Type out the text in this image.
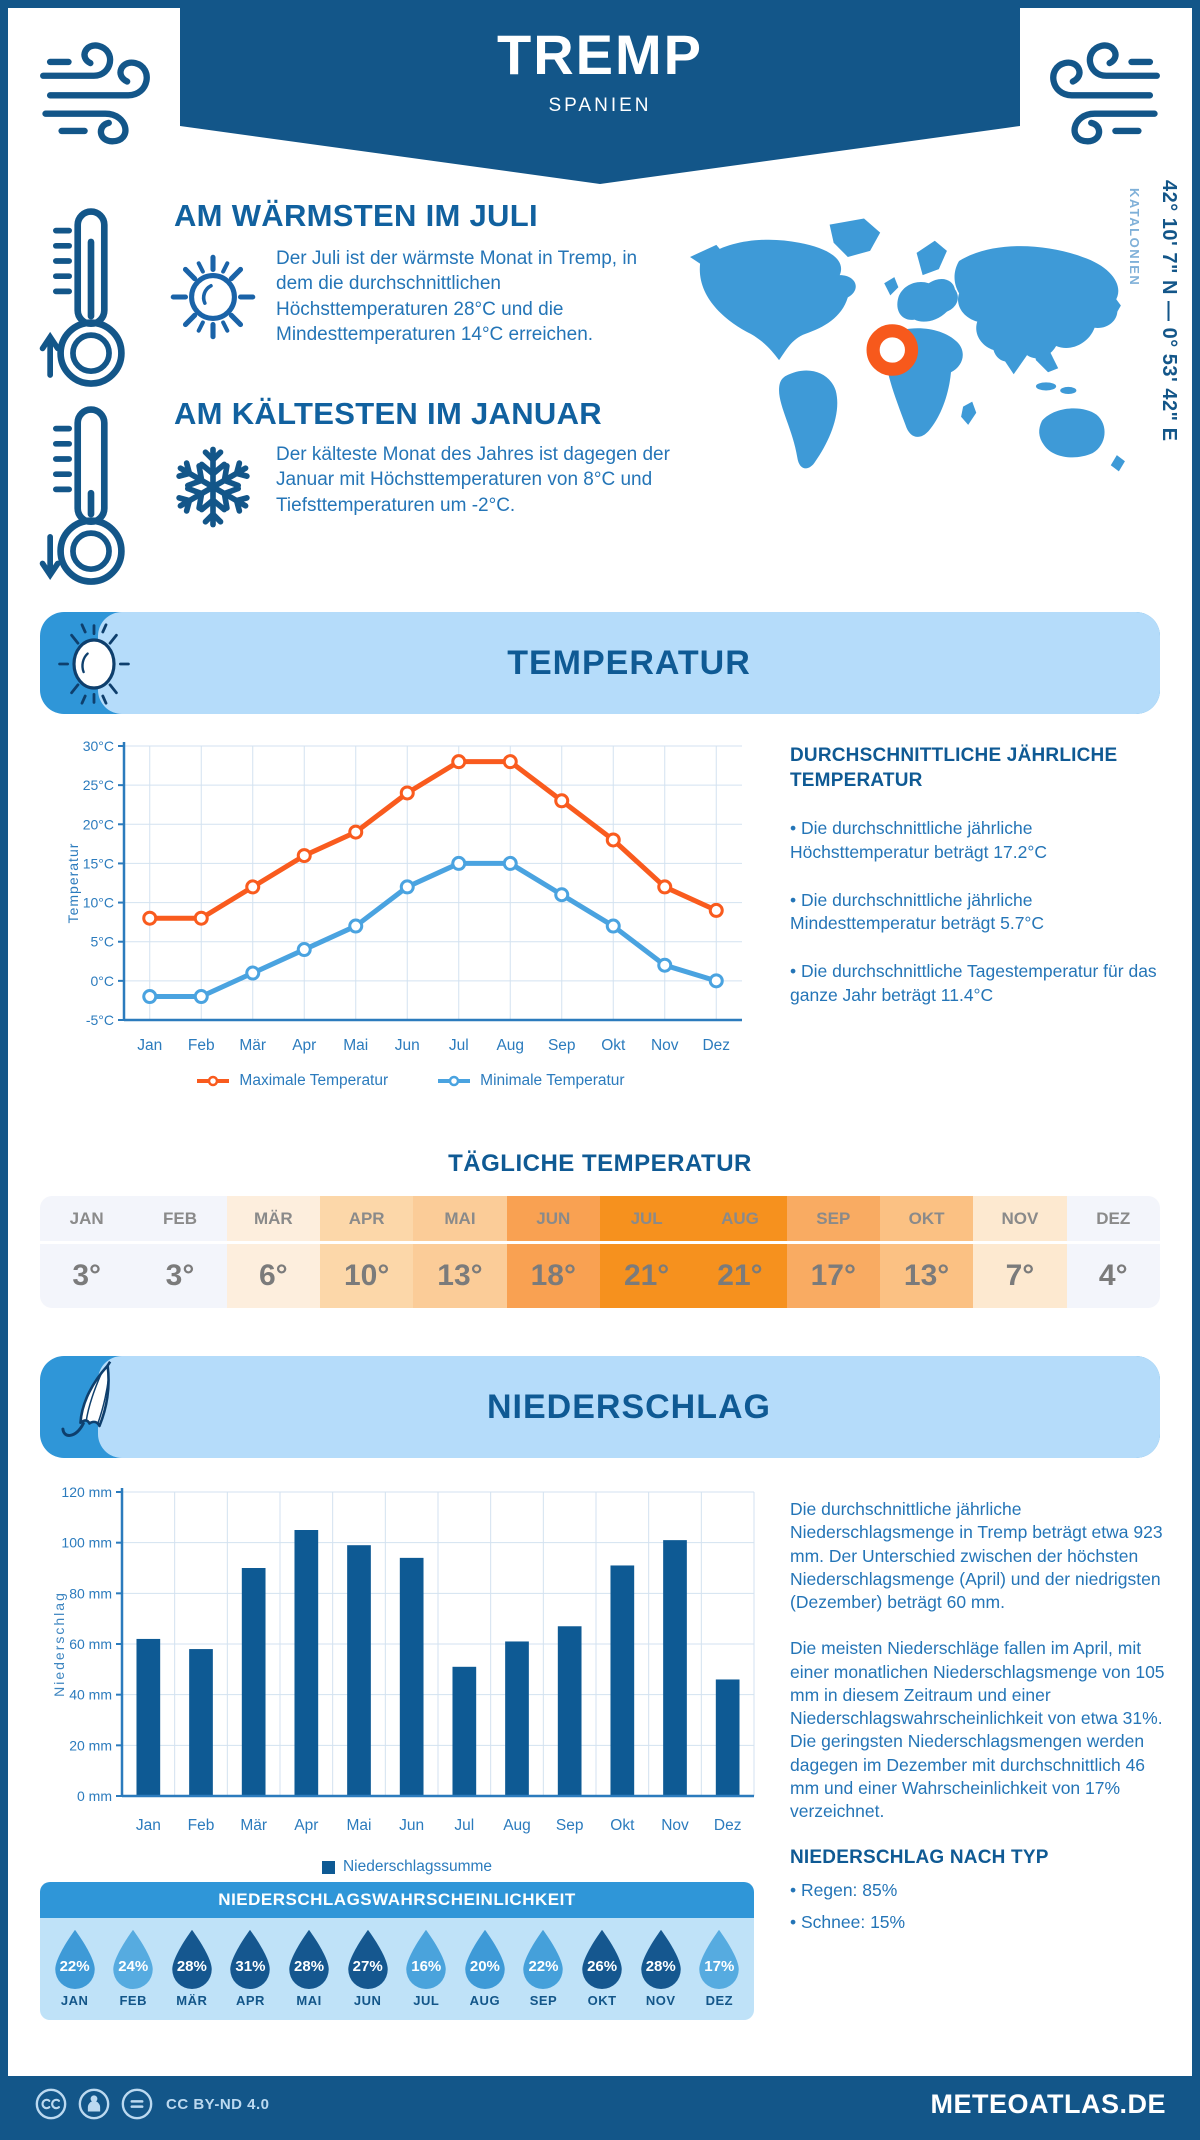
TREMP
SPANIEN
AM WÄRMSTEN IM JULI
Der Juli ist der wärmste Monat in Tremp, in dem die durchschnittlichen Höchsttemperaturen 28°C und die Mindesttemperaturen 14°C erreichen.
AM KÄLTESTEN IM JANUAR
Der kälteste Monat des Jahres ist dagegen der Januar mit Höchsttemperaturen von 8°C und Tiefsttemperaturen um -2°C.
42° 10' 7" N — 0° 53' 42" E
KATALONIEN
TEMPERATUR
-5°C
0°C
5°C
10°C
15°C
20°C
25°C
30°C
Jan Feb Mär Apr Mai Jun Jul Aug Sep Okt Nov Dez
Temperatur
Maximale Temperatur	Minimale Temperatur
DURCHSCHNITTLICHE JÄHRLICHE TEMPERATUR
• Die durchschnittliche jährliche Höchsttemperatur beträgt 17.2°C
• Die durchschnittliche jährliche Mindesttemperatur beträgt 5.7°C
• Die durchschnittliche Tagestemperatur für das ganze Jahr beträgt 11.4°C
TÄGLICHE TEMPERATUR
JAN
3°
FEB
3°
MÄR
6°
APR
10°
MAI
13°
JUN
18°
JUL
21°
AUG
21°
SEP
17°
OKT
13°
NOV
7°
DEZ
4°
NIEDERSCHLAG
0 mm
20 mm
40 mm
60 mm
80 mm
100 mm
120 mm
Jan Feb Mär Apr Mai Jun Jul Aug Sep Okt Nov Dez
Niederschlag
Niederschlagssumme
Die durchschnittliche jährliche Niederschlagsmenge in Tremp beträgt etwa 923 mm. Der Unterschied zwischen der höchsten Niederschlagsmenge (April) und der niedrigsten (Dezember) beträgt 60 mm.
Die meisten Niederschläge fallen im April, mit einer monatlichen Niederschlagsmenge von 105 mm in diesem Zeitraum und einer Niederschlagswahrscheinlichkeit von etwa 31%. Die geringsten Niederschlagsmengen werden dagegen im Dezember mit durchschnittlich 46 mm und einer Wahrscheinlichkeit von 17% verzeichnet.
NIEDERSCHLAG NACH TYP
• Regen: 85%
• Schnee: 15%
NIEDERSCHLAGSWAHRSCHEINLICHKEIT
22%
JAN
24%
FEB
28%
MÄR
31%
APR
28%
MAI
27%
JUN
16%
JUL
20%
AUG
22%
SEP
26%
OKT
28%
NOV
17%
DEZ
CC BY-ND 4.0	METEOATLAS.DE
